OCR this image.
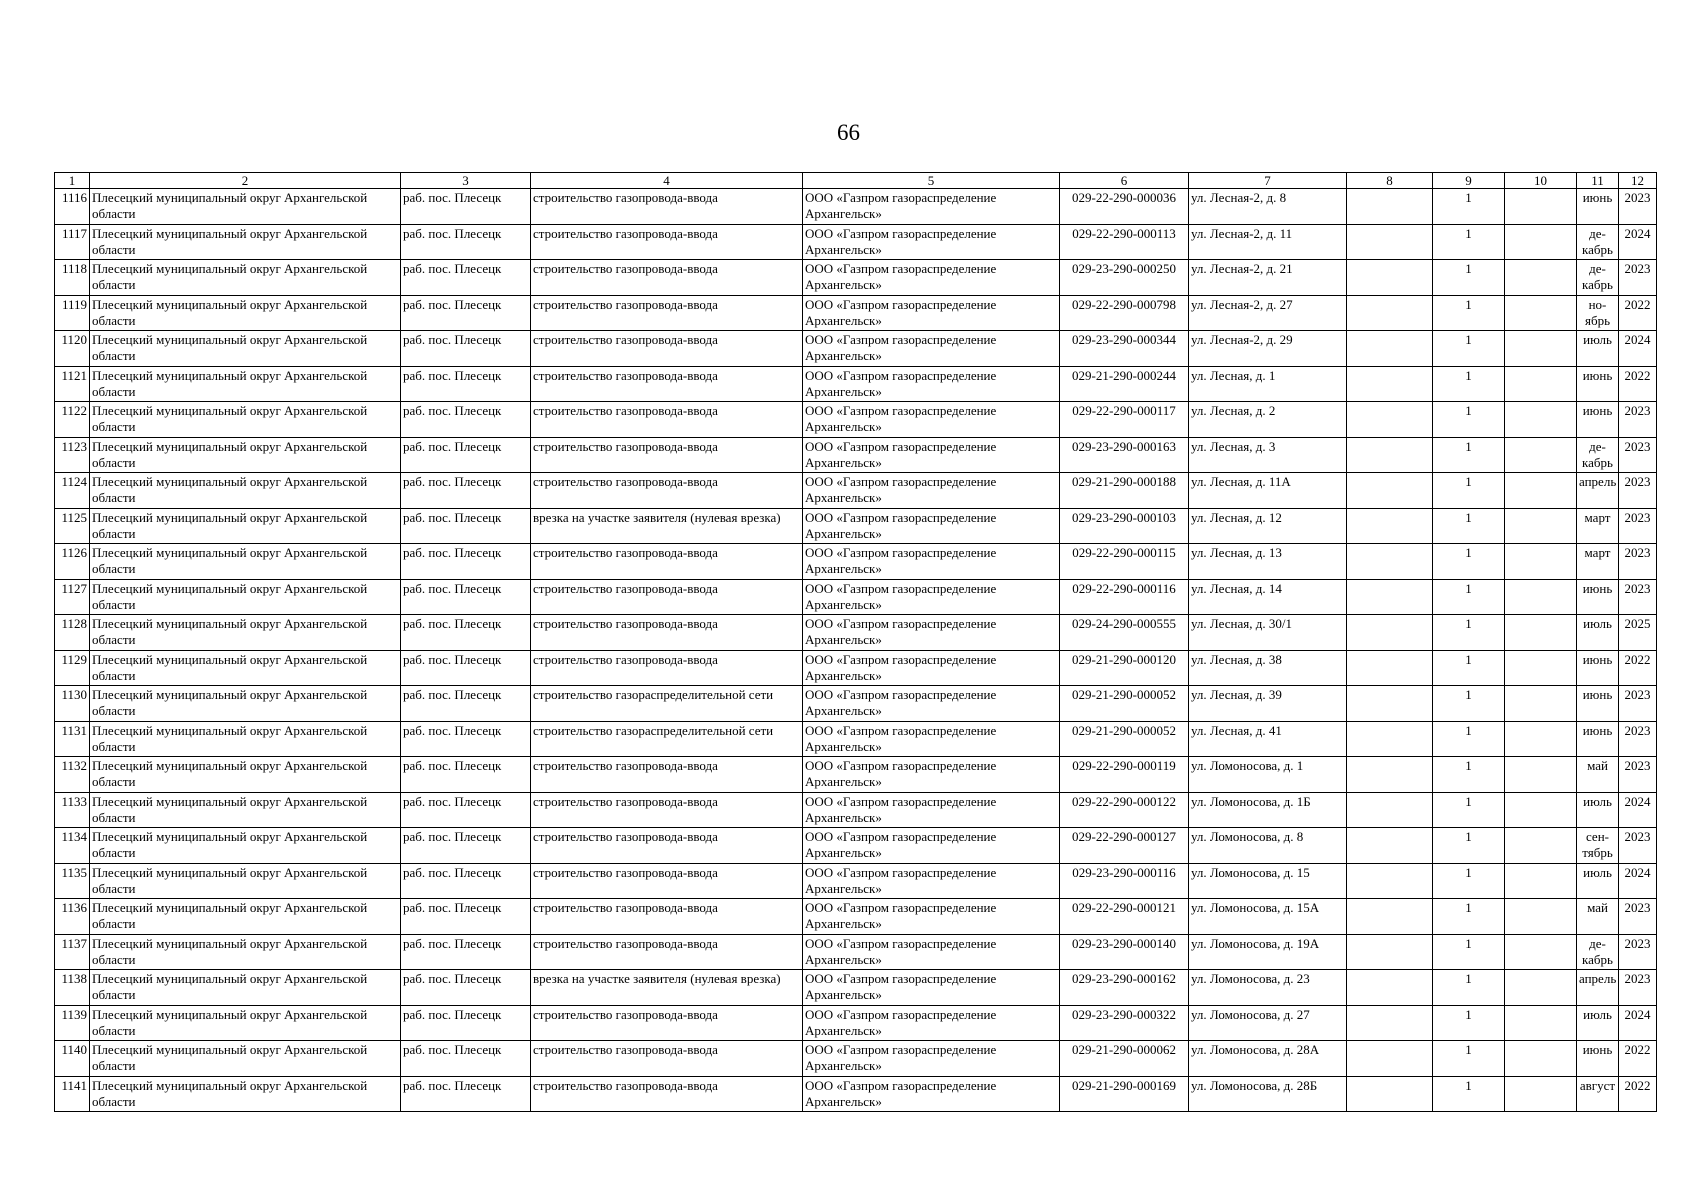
66
1	2	3	4	5	6	7	8	9	10	11	12
1116	Плесецкий муниципальный округ Архангельской области	раб. пос. Плесецк	строительство газопровода-ввода	ООО «Газпром газораспределение Архангельск»	029-22-290-000036	ул. Лесная-2, д. 8		1		июнь	2023
1117	Плесецкий муниципальный округ Архангельской области	раб. пос. Плесецк	строительство газопровода-ввода	ООО «Газпром газораспределение Архангельск»	029-22-290-000113	ул. Лесная-2, д. 11		1		де-кабрь	2024
1118	Плесецкий муниципальный округ Архангельской области	раб. пос. Плесецк	строительство газопровода-ввода	ООО «Газпром газораспределение Архангельск»	029-23-290-000250	ул. Лесная-2, д. 21		1		де-кабрь	2023
1119	Плесецкий муниципальный округ Архангельской области	раб. пос. Плесецк	строительство газопровода-ввода	ООО «Газпром газораспределение Архангельск»	029-22-290-000798	ул. Лесная-2, д. 27		1		но-ябрь	2022
1120	Плесецкий муниципальный округ Архангельской области	раб. пос. Плесецк	строительство газопровода-ввода	ООО «Газпром газораспределение Архангельск»	029-23-290-000344	ул. Лесная-2, д. 29		1		июль	2024
1121	Плесецкий муниципальный округ Архангельской области	раб. пос. Плесецк	строительство газопровода-ввода	ООО «Газпром газораспределение Архангельск»	029-21-290-000244	ул. Лесная, д. 1		1		июнь	2022
1122	Плесецкий муниципальный округ Архангельской области	раб. пос. Плесецк	строительство газопровода-ввода	ООО «Газпром газораспределение Архангельск»	029-22-290-000117	ул. Лесная, д. 2		1		июнь	2023
1123	Плесецкий муниципальный округ Архангельской области	раб. пос. Плесецк	строительство газопровода-ввода	ООО «Газпром газораспределение Архангельск»	029-23-290-000163	ул. Лесная, д. 3		1		де-кабрь	2023
1124	Плесецкий муниципальный округ Архангельской области	раб. пос. Плесецк	строительство газопровода-ввода	ООО «Газпром газораспределение Архангельск»	029-21-290-000188	ул. Лесная, д. 11А		1		апрель	2023
1125	Плесецкий муниципальный округ Архангельской области	раб. пос. Плесецк	врезка на участке заявителя (нулевая врезка)	ООО «Газпром газораспределение Архангельск»	029-23-290-000103	ул. Лесная, д. 12		1		март	2023
1126	Плесецкий муниципальный округ Архангельской области	раб. пос. Плесецк	строительство газопровода-ввода	ООО «Газпром газораспределение Архангельск»	029-22-290-000115	ул. Лесная, д. 13		1		март	2023
1127	Плесецкий муниципальный округ Архангельской области	раб. пос. Плесецк	строительство газопровода-ввода	ООО «Газпром газораспределение Архангельск»	029-22-290-000116	ул. Лесная, д. 14		1		июнь	2023
1128	Плесецкий муниципальный округ Архангельской области	раб. пос. Плесецк	строительство газопровода-ввода	ООО «Газпром газораспределение Архангельск»	029-24-290-000555	ул. Лесная, д. 30/1		1		июль	2025
1129	Плесецкий муниципальный округ Архангельской области	раб. пос. Плесецк	строительство газопровода-ввода	ООО «Газпром газораспределение Архангельск»	029-21-290-000120	ул. Лесная, д. 38		1		июнь	2022
1130	Плесецкий муниципальный округ Архангельской области	раб. пос. Плесецк	строительство газораспределительной сети	ООО «Газпром газораспределение Архангельск»	029-21-290-000052	ул. Лесная, д. 39		1		июнь	2023
1131	Плесецкий муниципальный округ Архангельской области	раб. пос. Плесецк	строительство газораспределительной сети	ООО «Газпром газораспределение Архангельск»	029-21-290-000052	ул. Лесная, д. 41		1		июнь	2023
1132	Плесецкий муниципальный округ Архангельской области	раб. пос. Плесецк	строительство газопровода-ввода	ООО «Газпром газораспределение Архангельск»	029-22-290-000119	ул. Ломоносова, д. 1		1		май	2023
1133	Плесецкий муниципальный округ Архангельской области	раб. пос. Плесецк	строительство газопровода-ввода	ООО «Газпром газораспределение Архангельск»	029-22-290-000122	ул. Ломоносова, д. 1Б		1		июль	2024
1134	Плесецкий муниципальный округ Архангельской области	раб. пос. Плесецк	строительство газопровода-ввода	ООО «Газпром газораспределение Архангельск»	029-22-290-000127	ул. Ломоносова, д. 8		1		сен-тябрь	2023
1135	Плесецкий муниципальный округ Архангельской области	раб. пос. Плесецк	строительство газопровода-ввода	ООО «Газпром газораспределение Архангельск»	029-23-290-000116	ул. Ломоносова, д. 15		1		июль	2024
1136	Плесецкий муниципальный округ Архангельской области	раб. пос. Плесецк	строительство газопровода-ввода	ООО «Газпром газораспределение Архангельск»	029-22-290-000121	ул. Ломоносова, д. 15А		1		май	2023
1137	Плесецкий муниципальный округ Архангельской области	раб. пос. Плесецк	строительство газопровода-ввода	ООО «Газпром газораспределение Архангельск»	029-23-290-000140	ул. Ломоносова, д. 19А		1		де-кабрь	2023
1138	Плесецкий муниципальный округ Архангельской области	раб. пос. Плесецк	врезка на участке заявителя (нулевая врезка)	ООО «Газпром газораспределение Архангельск»	029-23-290-000162	ул. Ломоносова, д. 23		1		апрель	2023
1139	Плесецкий муниципальный округ Архангельской области	раб. пос. Плесецк	строительство газопровода-ввода	ООО «Газпром газораспределение Архангельск»	029-23-290-000322	ул. Ломоносова, д. 27		1		июль	2024
1140	Плесецкий муниципальный округ Архангельской области	раб. пос. Плесецк	строительство газопровода-ввода	ООО «Газпром газораспределение Архангельск»	029-21-290-000062	ул. Ломоносова, д. 28А		1		июнь	2022
1141	Плесецкий муниципальный округ Архангельской области	раб. пос. Плесецк	строительство газопровода-ввода	ООО «Газпром газораспределение Архангельск»	029-21-290-000169	ул. Ломоносова, д. 28Б		1		август	2022
